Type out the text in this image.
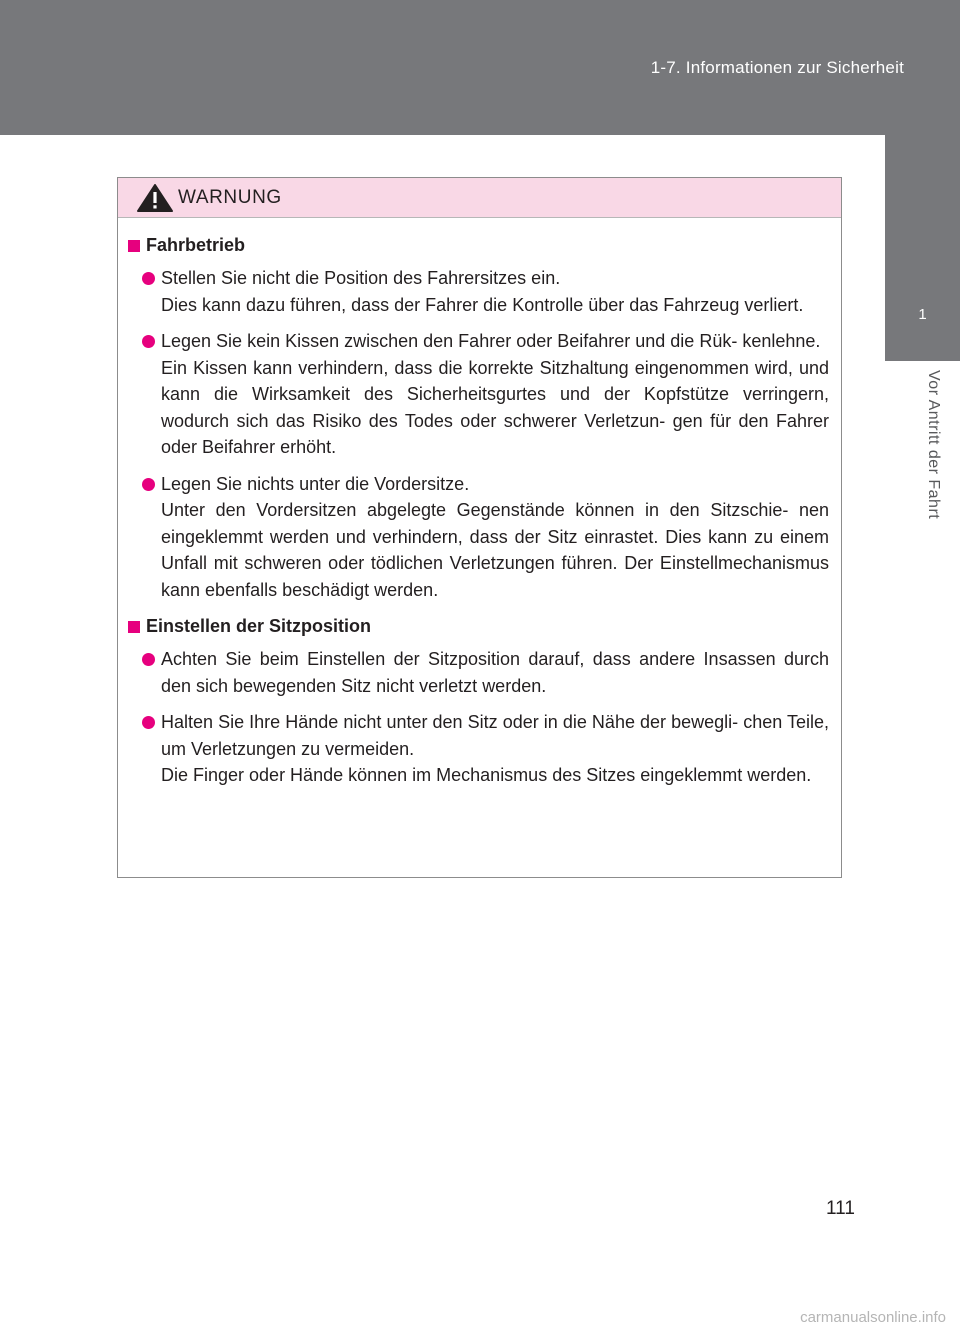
1-7. Informationen zur Sicherheit
1
Vor Antritt der Fahrt
WARNUNG
Fahrbetrieb

Stellen Sie nicht die Position des Fahrersitzes ein.
Dies kann dazu führen, dass der Fahrer die Kontrolle über das Fahrzeug verliert.

Legen Sie kein Kissen zwischen den Fahrer oder Beifahrer und die Rük- kenlehne.
Ein Kissen kann verhindern, dass die korrekte Sitzhaltung eingenommen wird, und kann die Wirksamkeit des Sicherheitsgurtes und der Kopfstütze verringern, wodurch sich das Risiko des Todes oder schwerer Verletzun- gen für den Fahrer oder Beifahrer erhöht.

Legen Sie nichts unter die Vordersitze.
Unter den Vordersitzen abgelegte Gegenstände können in den Sitzschie- nen eingeklemmt werden und verhindern, dass der Sitz einrastet. Dies kann zu einem Unfall mit schweren oder tödlichen Verletzungen führen. Der Einstellmechanismus kann ebenfalls beschädigt werden.

Einstellen der Sitzposition

Achten Sie beim Einstellen der Sitzposition darauf, dass andere Insassen durch den sich bewegenden Sitz nicht verletzt werden.

Halten Sie Ihre Hände nicht unter den Sitz oder in die Nähe der bewegli- chen Teile, um Verletzungen zu vermeiden.
Die Finger oder Hände können im Mechanismus des Sitzes eingeklemmt werden.

111
carmanualsonline.info
